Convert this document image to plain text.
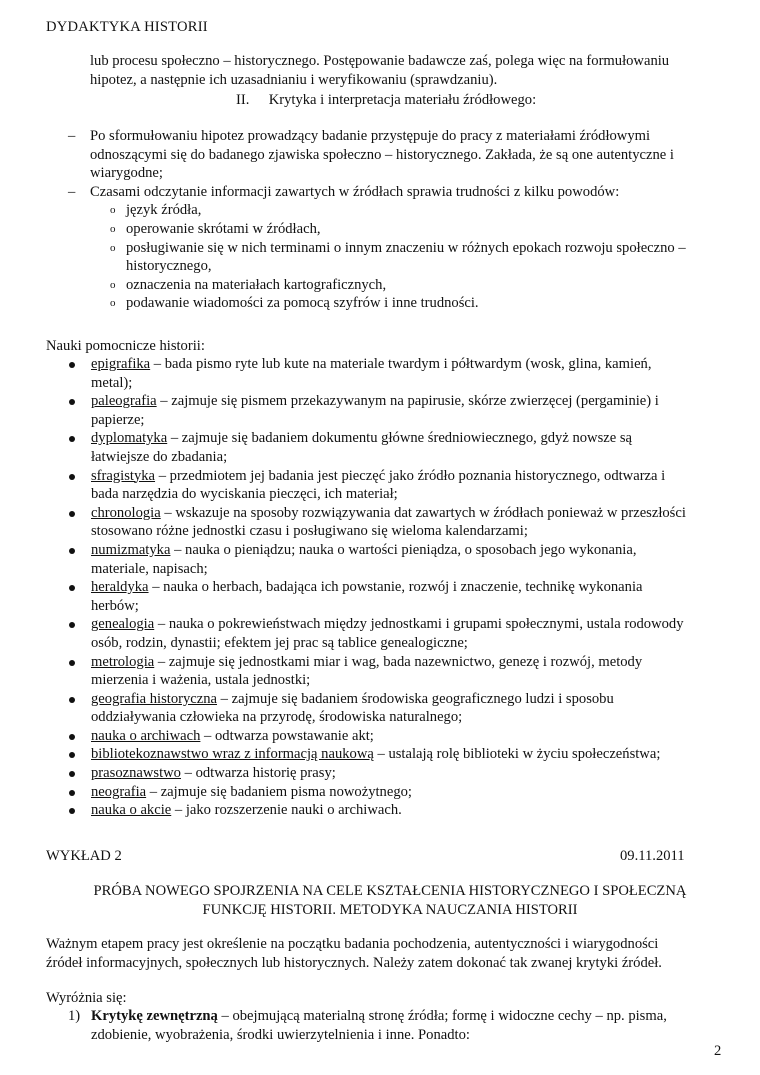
DYDAKTYKA HISTORII
lub procesu społeczno – historycznego. Postępowanie badawcze zaś, polega więc na formułowaniu
hipotez, a następnie ich uzasadnianiu i weryfikowaniu (sprawdzaniu).
II. Krytyka i interpretacja materiału źródłowego:
– Po sformułowaniu hipotez prowadzący badanie przystępuje do pracy z materiałami źródłowymi
odnoszącymi się do badanego zjawiska społeczno – historycznego. Zakłada, że są one autentyczne i
wiarygodne;
– Czasami odczytanie informacji zawartych w źródłach sprawia trudności z kilku powodów:
o język źródła,
o operowanie skrótami w źródłach,
o posługiwanie się w nich terminami o innym znaczeniu w różnych epokach rozwoju społeczno –
historycznego,
o oznaczenia na materiałach kartograficznych,
o podawanie wiadomości za pomocą szyfrów i inne trudności.
Nauki pomocnicze historii:
epigrafika – bada pismo ryte lub kute na materiale twardym i półtwardym (wosk, glina, kamień,
metal);
paleografia – zajmuje się pismem przekazywanym na papirusie, skórze zwierzęcej (pergaminie) i
papierze;
dyplomatyka – zajmuje się badaniem dokumentu główne średniowiecznego, gdyż nowsze są
łatwiejsze do zbadania;
sfragistyka – przedmiotem jej badania jest pieczęć jako źródło poznania historycznego, odtwarza i
bada narzędzia do wyciskania pieczęci, ich materiał;
chronologia – wskazuje na sposoby rozwiązywania dat zawartych w źródłach ponieważ w przeszłości
stosowano różne jednostki czasu i posługiwano się wieloma kalendarzami;
numizmatyka – nauka o pieniądzu; nauka o wartości pieniądza, o sposobach jego wykonania,
materiale, napisach;
heraldyka – nauka o herbach, badająca ich powstanie, rozwój i znaczenie, technikę wykonania
herbów;
genealogia – nauka o pokrewieństwach między jednostkami i grupami społecznymi, ustala rodowody
osób, rodzin, dynastii; efektem jej prac są tablice genealogiczne;
metrologia – zajmuje się jednostkami miar i wag, bada nazewnictwo, genezę i rozwój, metody
mierzenia i ważenia, ustala jednostki;
geografia historyczna – zajmuje się badaniem środowiska geograficznego ludzi i sposobu
oddziaływania człowieka na przyrodę, środowiska naturalnego;
nauka o archiwach – odtwarza powstawanie akt;
bibliotekoznawstwo wraz z informacją naukową – ustalają rolę biblioteki w życiu społeczeństwa;
prasoznawstwo – odtwarza historię prasy;
neografia – zajmuje się badaniem pisma nowożytnego;
nauka o akcie – jako rozszerzenie nauki o archiwach.
WYKŁAD 2	09.11.2011
PRÓBA NOWEGO SPOJRZENIA NA CELE KSZTAŁCENIA HISTORYCZNEGO I SPOŁECZNĄ
FUNKCJĘ HISTORII. METODYKA NAUCZANIA HISTORII
Ważnym etapem pracy jest określenie na początku badania pochodzenia, autentyczności i wiarygodności
źródeł informacyjnych, społecznych lub historycznych. Należy zatem dokonać tak zwanej krytyki źródeł.
Wyróżnia się:
1) Krytykę zewnętrzną – obejmującą materialną stronę źródła; formę i widoczne cechy – np. pisma,
zdobienie, wyobrażenia, środki uwierzytelnienia i inne. Ponadto:
2
